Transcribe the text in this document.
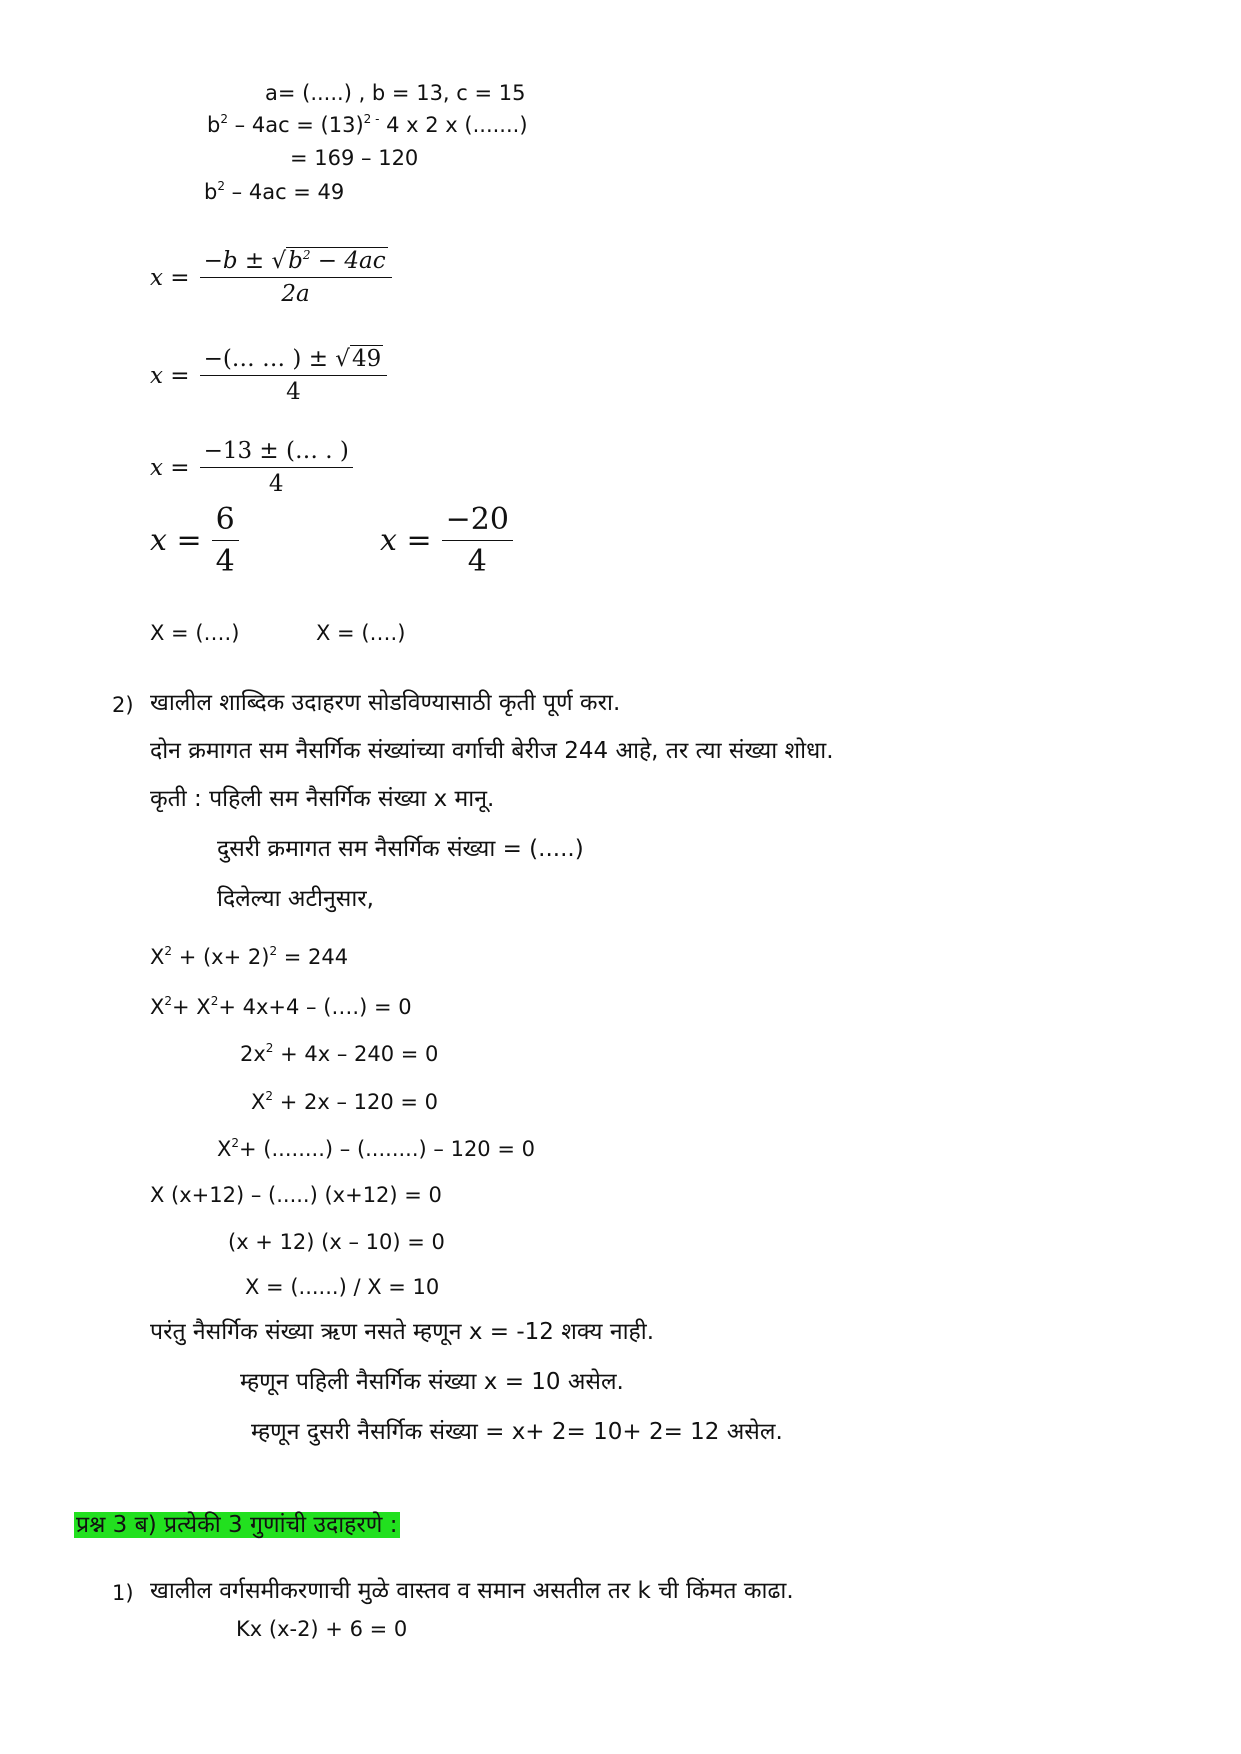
a= (.....) , b = 13, c = 15
$b^2 - 4ac = (13)^{2 -}$ 4 x 2 x (.......)
= 169 – 120
$b^2 - 4ac = 49$
$x = \frac{-b \pm √b^2 - 4ac}{2a}$
$x = \frac{-(\dots \dots ) \pm √49}{4}$
$x = \frac{-13 \pm (\dots . )}{4}$
$x = \frac{6}{4}$	$x = \frac{-20}{4}$
X = (….)	X = (….)
2) खालील शाब्दिक उदाहरण सोडविण्यासाठी कृती पूर्ण करा.
दोन क्रमागत सम नैसर्गिक संख्यांच्या वर्गाची बेरीज 244 आहे, तर त्या संख्या शोधा.
कृती : पहिली सम नैसर्गिक संख्या x मानू.
दुसरी क्रमागत सम नैसर्गिक संख्या = (.....)
दिलेल्या अटीनुसार,
$X^2 + (x+ 2)^2 = 244$
$X^2+ X^2+ 4x+4$ – (….) = 0
$2x^2 + 4x - 240 = 0$
$X^2 + 2x - 120 = 0$
$X^2+$ (........) – (........) – 120 = 0
X (x+12) – (.....) (x+12) = 0
(x + 12) (x – 10) = 0
X = (......) / X = 10
परंतु नैसर्गिक संख्या ऋण नसते म्हणून x = -12 शक्य नाही.
म्हणून पहिली नैसर्गिक संख्या x = 10 असेल.
म्हणून दुसरी नैसर्गिक संख्या = x+ 2= 10+ 2= 12 असेल.
प्रश्न 3 ब) प्रत्येकी 3 गुणांची उदाहरणे :
1) खालील वर्गसमीकरणाची मुळे वास्तव व समान असतील तर k ची किंमत काढा.
Kx (x-2) + 6 = 0
